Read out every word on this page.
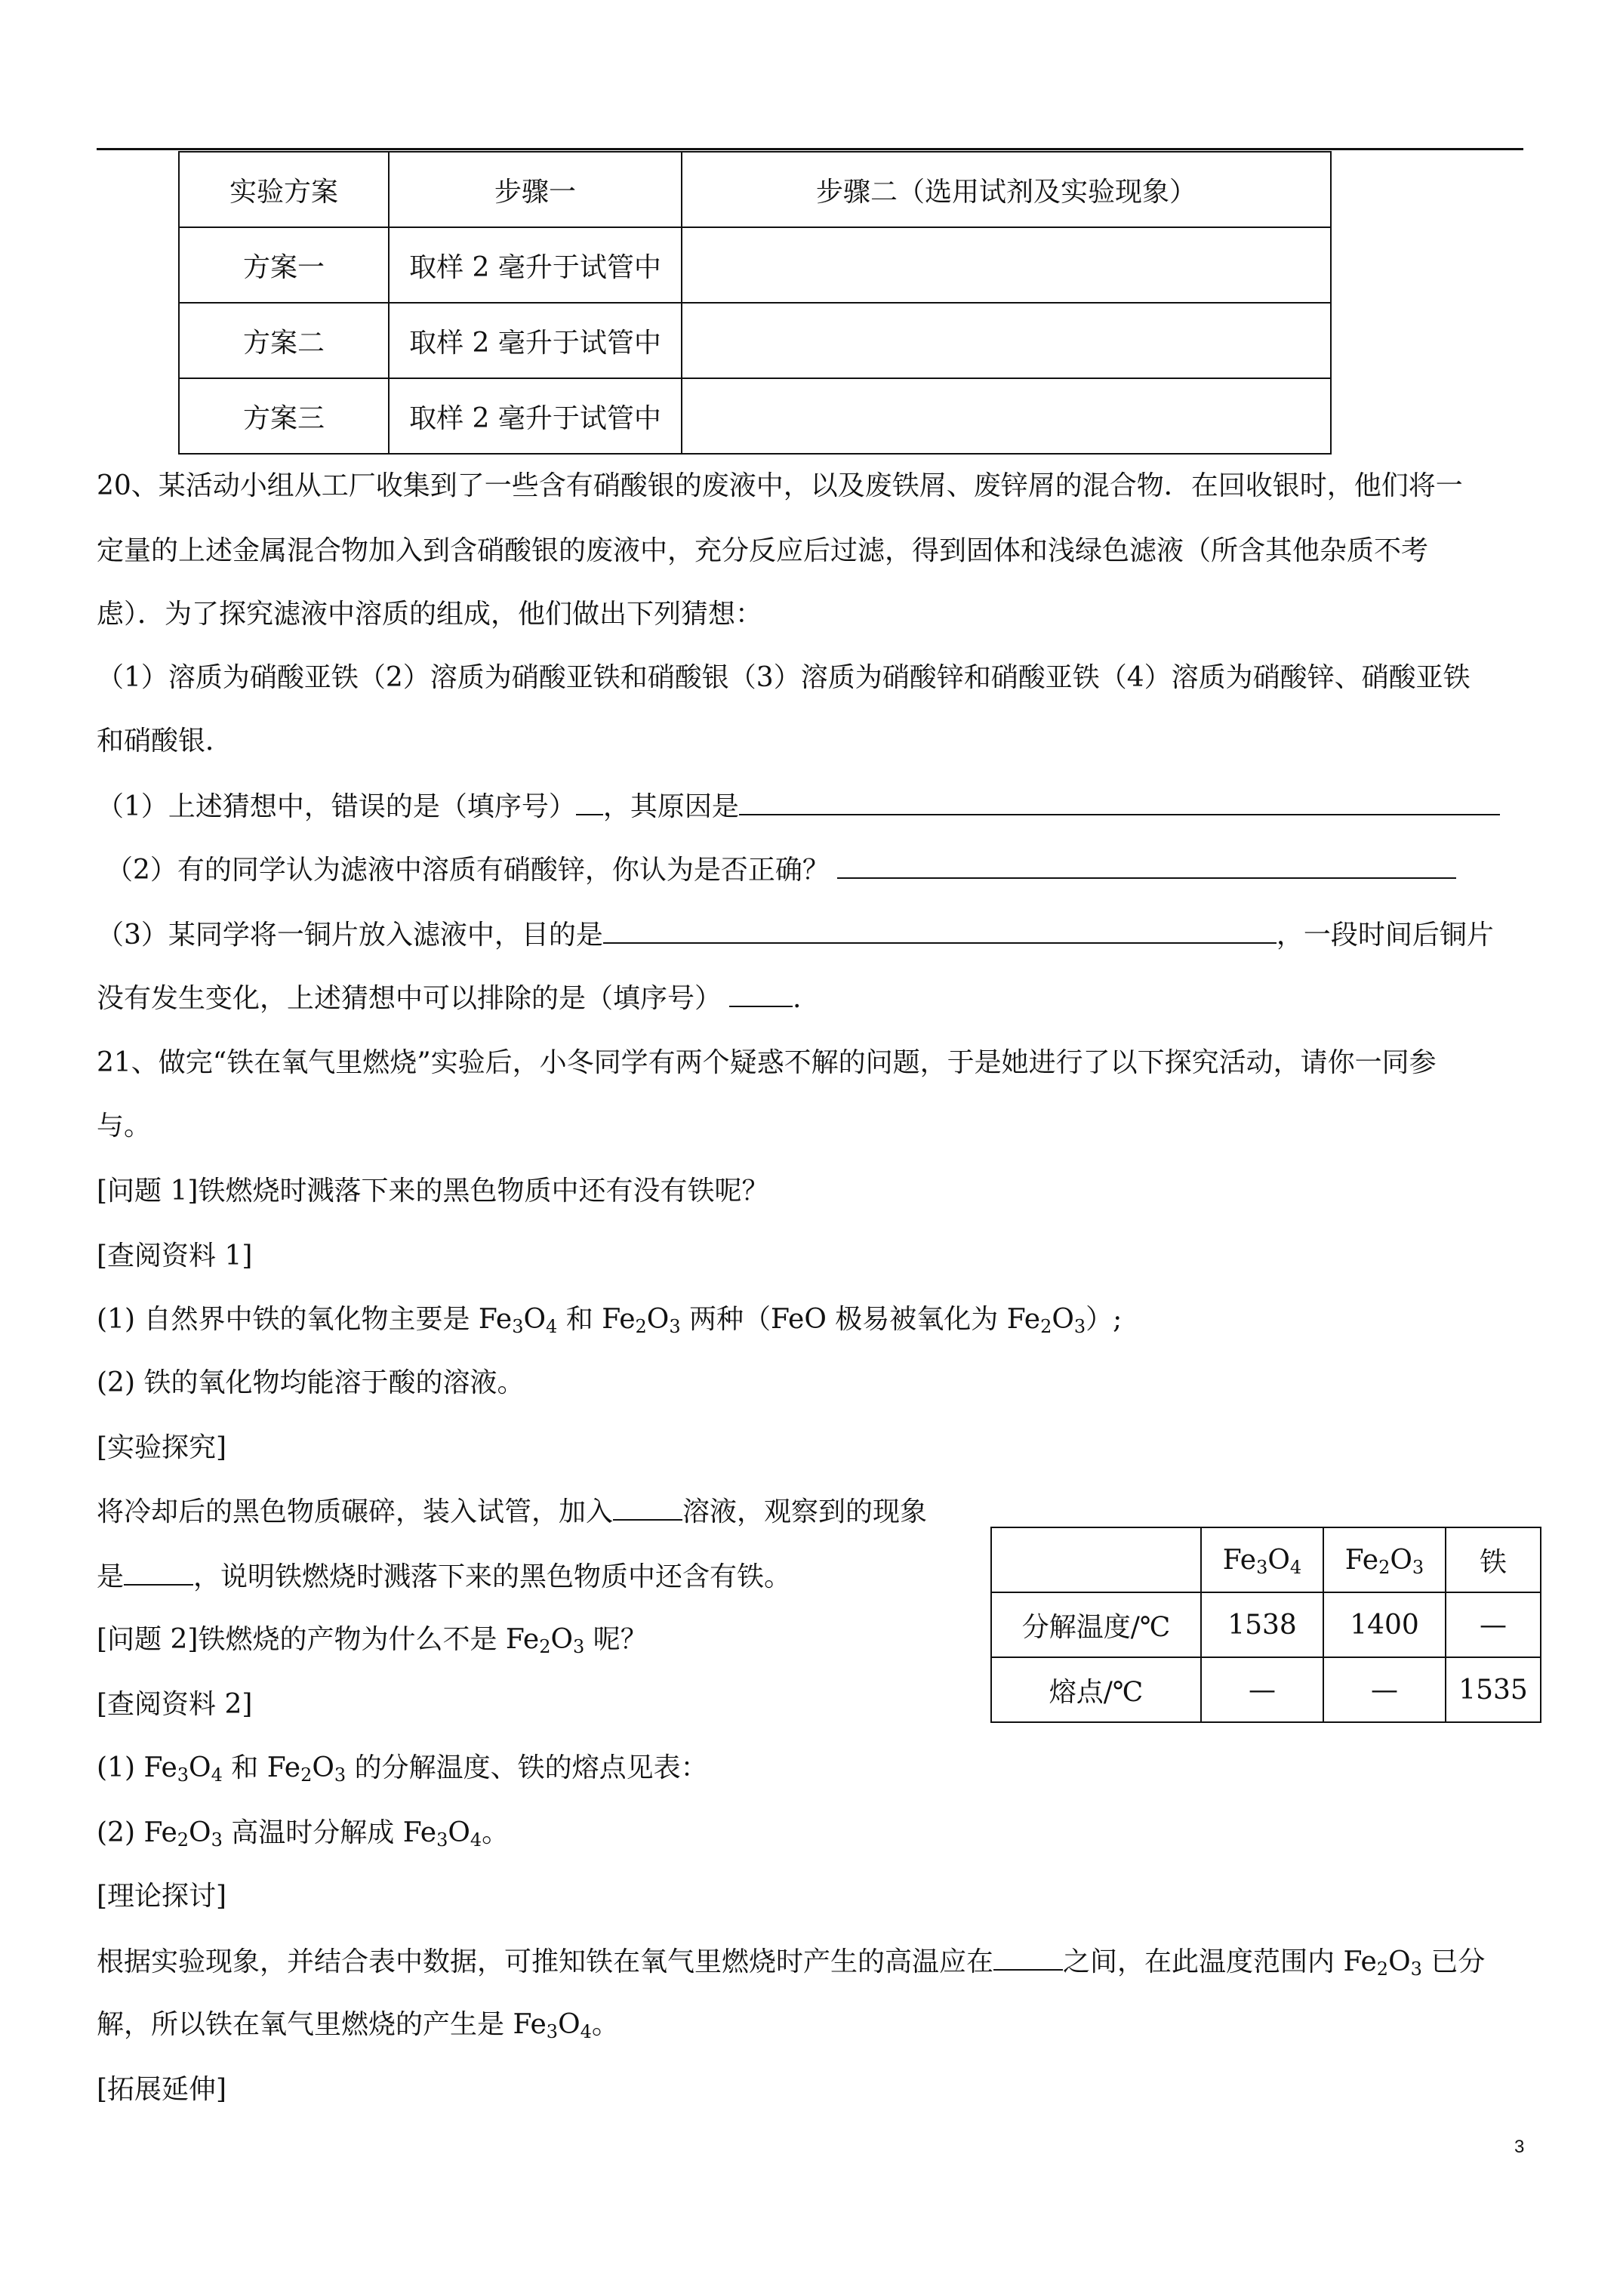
实验方案	步骤一	步骤二（选用试剂及实验现象）
方案一	取样 2 毫升于试管中	
方案二	取样 2 毫升于试管中	
方案三	取样 2 毫升于试管中	
20、某活动小组从工厂收集到了一些含有硝酸银的废液中，以及废铁屑、废锌屑的混合物．在回收银时，他们将一
定量的上述金属混合物加入到含硝酸银的废液中，充分反应后过滤，得到固体和浅绿色滤液（所含其他杂质不考
虑）．为了探究滤液中溶质的组成，他们做出下列猜想：
（1）溶质为硝酸亚铁（2）溶质为硝酸亚铁和硝酸银（3）溶质为硝酸锌和硝酸亚铁（4）溶质为硝酸锌、硝酸亚铁
和硝酸银．
（1）上述猜想中，错误的是（填序号） ，其原因是
（2）有的同学认为滤液中溶质有硝酸锌，你认为是否正确？
（3）某同学将一铜片放入滤液中，目的是	，一段时间后铜片
没有发生变化，上述猜想中可以排除的是（填序号）	.
21、做完“铁在氧气里燃烧”实验后，小冬同学有两个疑惑不解的问题，于是她进行了以下探究活动，请你一同参
与。
[问题 1]铁燃烧时溅落下来的黑色物质中还有没有铁呢？
[查阅资料 1]
(1) 自然界中铁的氧化物主要是 $Fe_3O_4$ 和 $Fe_2O_3$ 两种（FeO 极易被氧化为 $Fe_2O_3$）;
(2) 铁的氧化物均能溶于酸的溶液。
[实验探究]
将冷却后的黑色物质碾碎，装入试管，加入	溶液，观察到的现象
是	，说明铁燃烧时溅落下来的黑色物质中还含有铁。
[问题 2]铁燃烧的产物为什么不是 $Fe_2O_3$ 呢？
[查阅资料 2]
(1) $Fe_3O_4$ 和 $Fe_2O_3$ 的分解温度、铁的熔点见表：
(2) $Fe_2O_3$ 高温时分解成 $Fe_3O_4$。
[理论探讨]
根据实验现象，并结合表中数据，可推知铁在氧气里燃烧时产生的高温应在	之间，在此温度范围内 $Fe_2O_3$ 已分
解，所以铁在氧气里燃烧的产生是 $Fe_3O_4$。
[拓展延伸]
	$Fe_3O_4$	$Fe_2O_3$	铁
分解温度/℃	1538	1400	—
熔点/℃	—	—	1535
3
